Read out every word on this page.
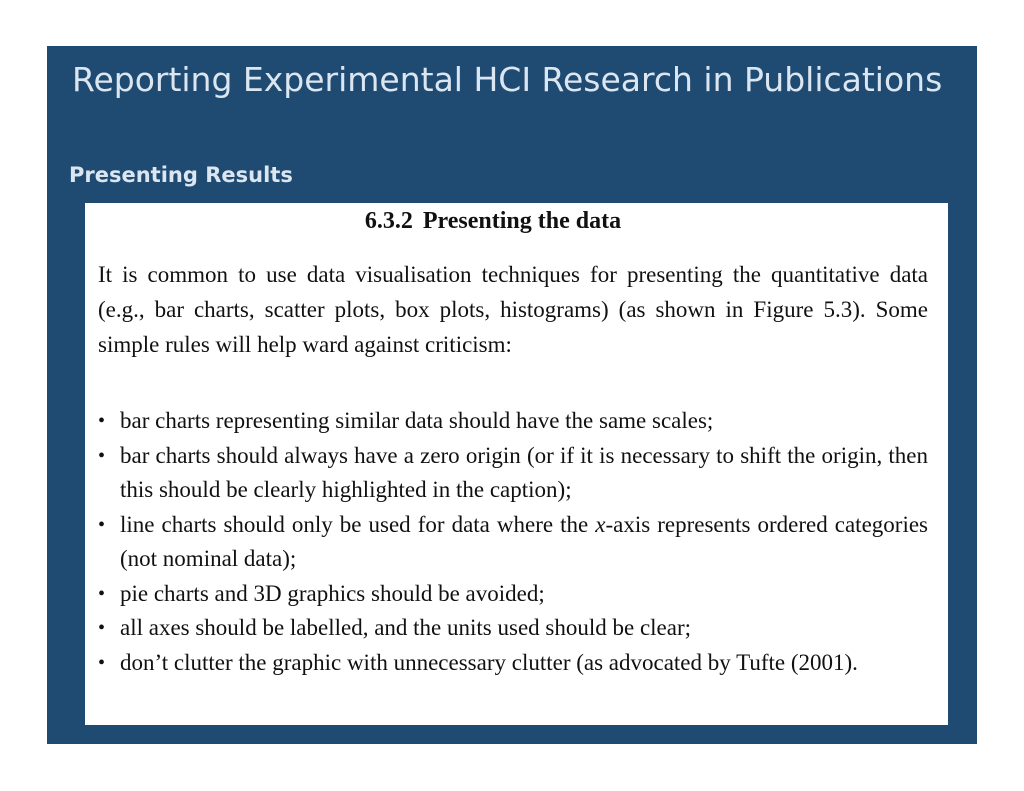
Reporting Experimental HCI Research in Publications
Presenting Results
6.3.2 Presenting the data

It is common to use data visualisation techniques for presenting the quantitative data (e.g., bar charts, scatter plots, box plots, histograms) (as shown in Figure 5.3). Some simple rules will help ward against criticism:

• bar charts representing similar data should have the same scales;
• bar charts should always have a zero origin (or if it is necessary to shift the origin, then this should be clearly highlighted in the caption);
• line charts should only be used for data where the x-axis represents ordered categories (not nominal data);
• pie charts and 3D graphics should be avoided;
• all axes should be labelled, and the units used should be clear;
• don’t clutter the graphic with unnecessary clutter (as advocated by Tufte (2001).
